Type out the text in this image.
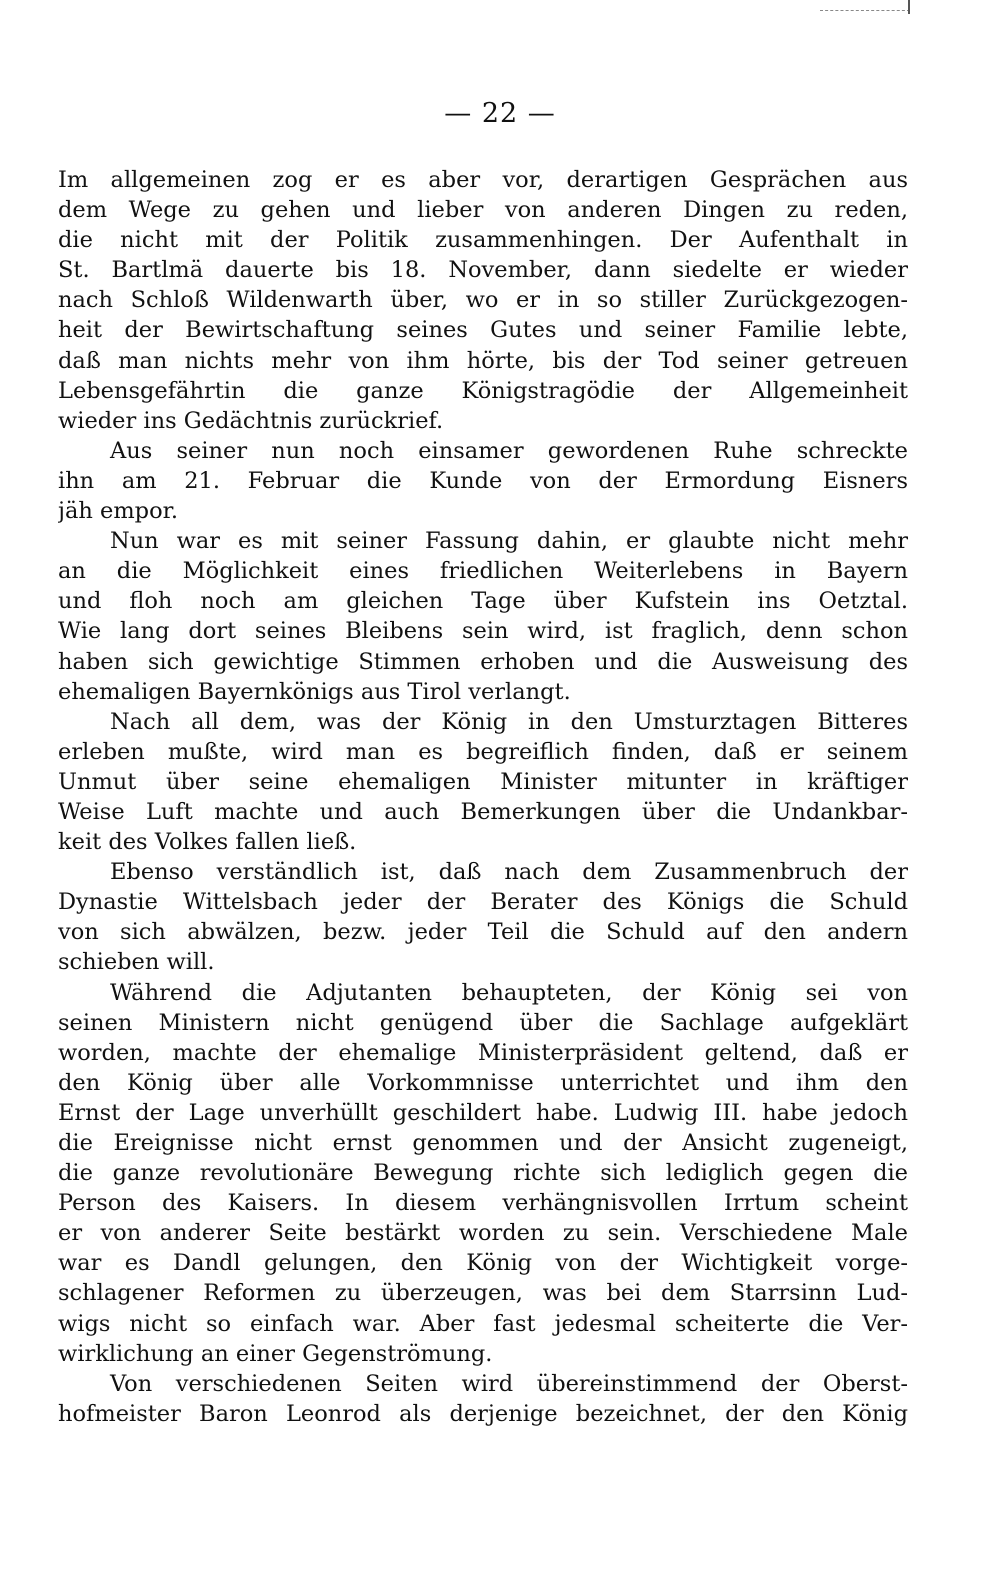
— 22 —
Im allgemeinen zog er es aber vor, derartigen Gesprächen aus
dem Wege zu gehen und lieber von anderen Dingen zu reden,
die nicht mit der Politik zusammenhingen. Der Aufenthalt in
St. Bartlmä dauerte bis 18. November, dann siedelte er wieder
nach Schloß Wildenwarth über, wo er in so stiller Zurückgezogen-
heit der Bewirtschaftung seines Gutes und seiner Familie lebte,
daß man nichts mehr von ihm hörte, bis der Tod seiner getreuen
Lebensgefährtin die ganze Königstragödie der Allgemeinheit
wieder ins Gedächtnis zurückrief.
Aus seiner nun noch einsamer gewordenen Ruhe schreckte
ihn am 21. Februar die Kunde von der Ermordung Eisners
jäh empor.
Nun war es mit seiner Fassung dahin, er glaubte nicht mehr
an die Möglichkeit eines friedlichen Weiterlebens in Bayern
und floh noch am gleichen Tage über Kufstein ins Oetztal.
Wie lang dort seines Bleibens sein wird, ist fraglich, denn schon
haben sich gewichtige Stimmen erhoben und die Ausweisung des
ehemaligen Bayernkönigs aus Tirol verlangt.
Nach all dem, was der König in den Umsturztagen Bitteres
erleben mußte, wird man es begreiflich finden, daß er seinem
Unmut über seine ehemaligen Minister mitunter in kräftiger
Weise Luft machte und auch Bemerkungen über die Undankbar-
keit des Volkes fallen ließ.
Ebenso verständlich ist, daß nach dem Zusammenbruch der
Dynastie Wittelsbach jeder der Berater des Königs die Schuld
von sich abwälzen, bezw. jeder Teil die Schuld auf den andern
schieben will.
Während die Adjutanten behaupteten, der König sei von
seinen Ministern nicht genügend über die Sachlage aufgeklärt
worden, machte der ehemalige Ministerpräsident geltend, daß er
den König über alle Vorkommnisse unterrichtet und ihm den
Ernst der Lage unverhüllt geschildert habe. Ludwig III. habe jedoch
die Ereignisse nicht ernst genommen und der Ansicht zugeneigt,
die ganze revolutionäre Bewegung richte sich lediglich gegen die
Person des Kaisers. In diesem verhängnisvollen Irrtum scheint
er von anderer Seite bestärkt worden zu sein. Verschiedene Male
war es Dandl gelungen, den König von der Wichtigkeit vorge-
schlagener Reformen zu überzeugen, was bei dem Starrsinn Lud-
wigs nicht so einfach war. Aber fast jedesmal scheiterte die Ver-
wirklichung an einer Gegenströmung.
Von verschiedenen Seiten wird übereinstimmend der Oberst-
hofmeister Baron Leonrod als derjenige bezeichnet, der den König
